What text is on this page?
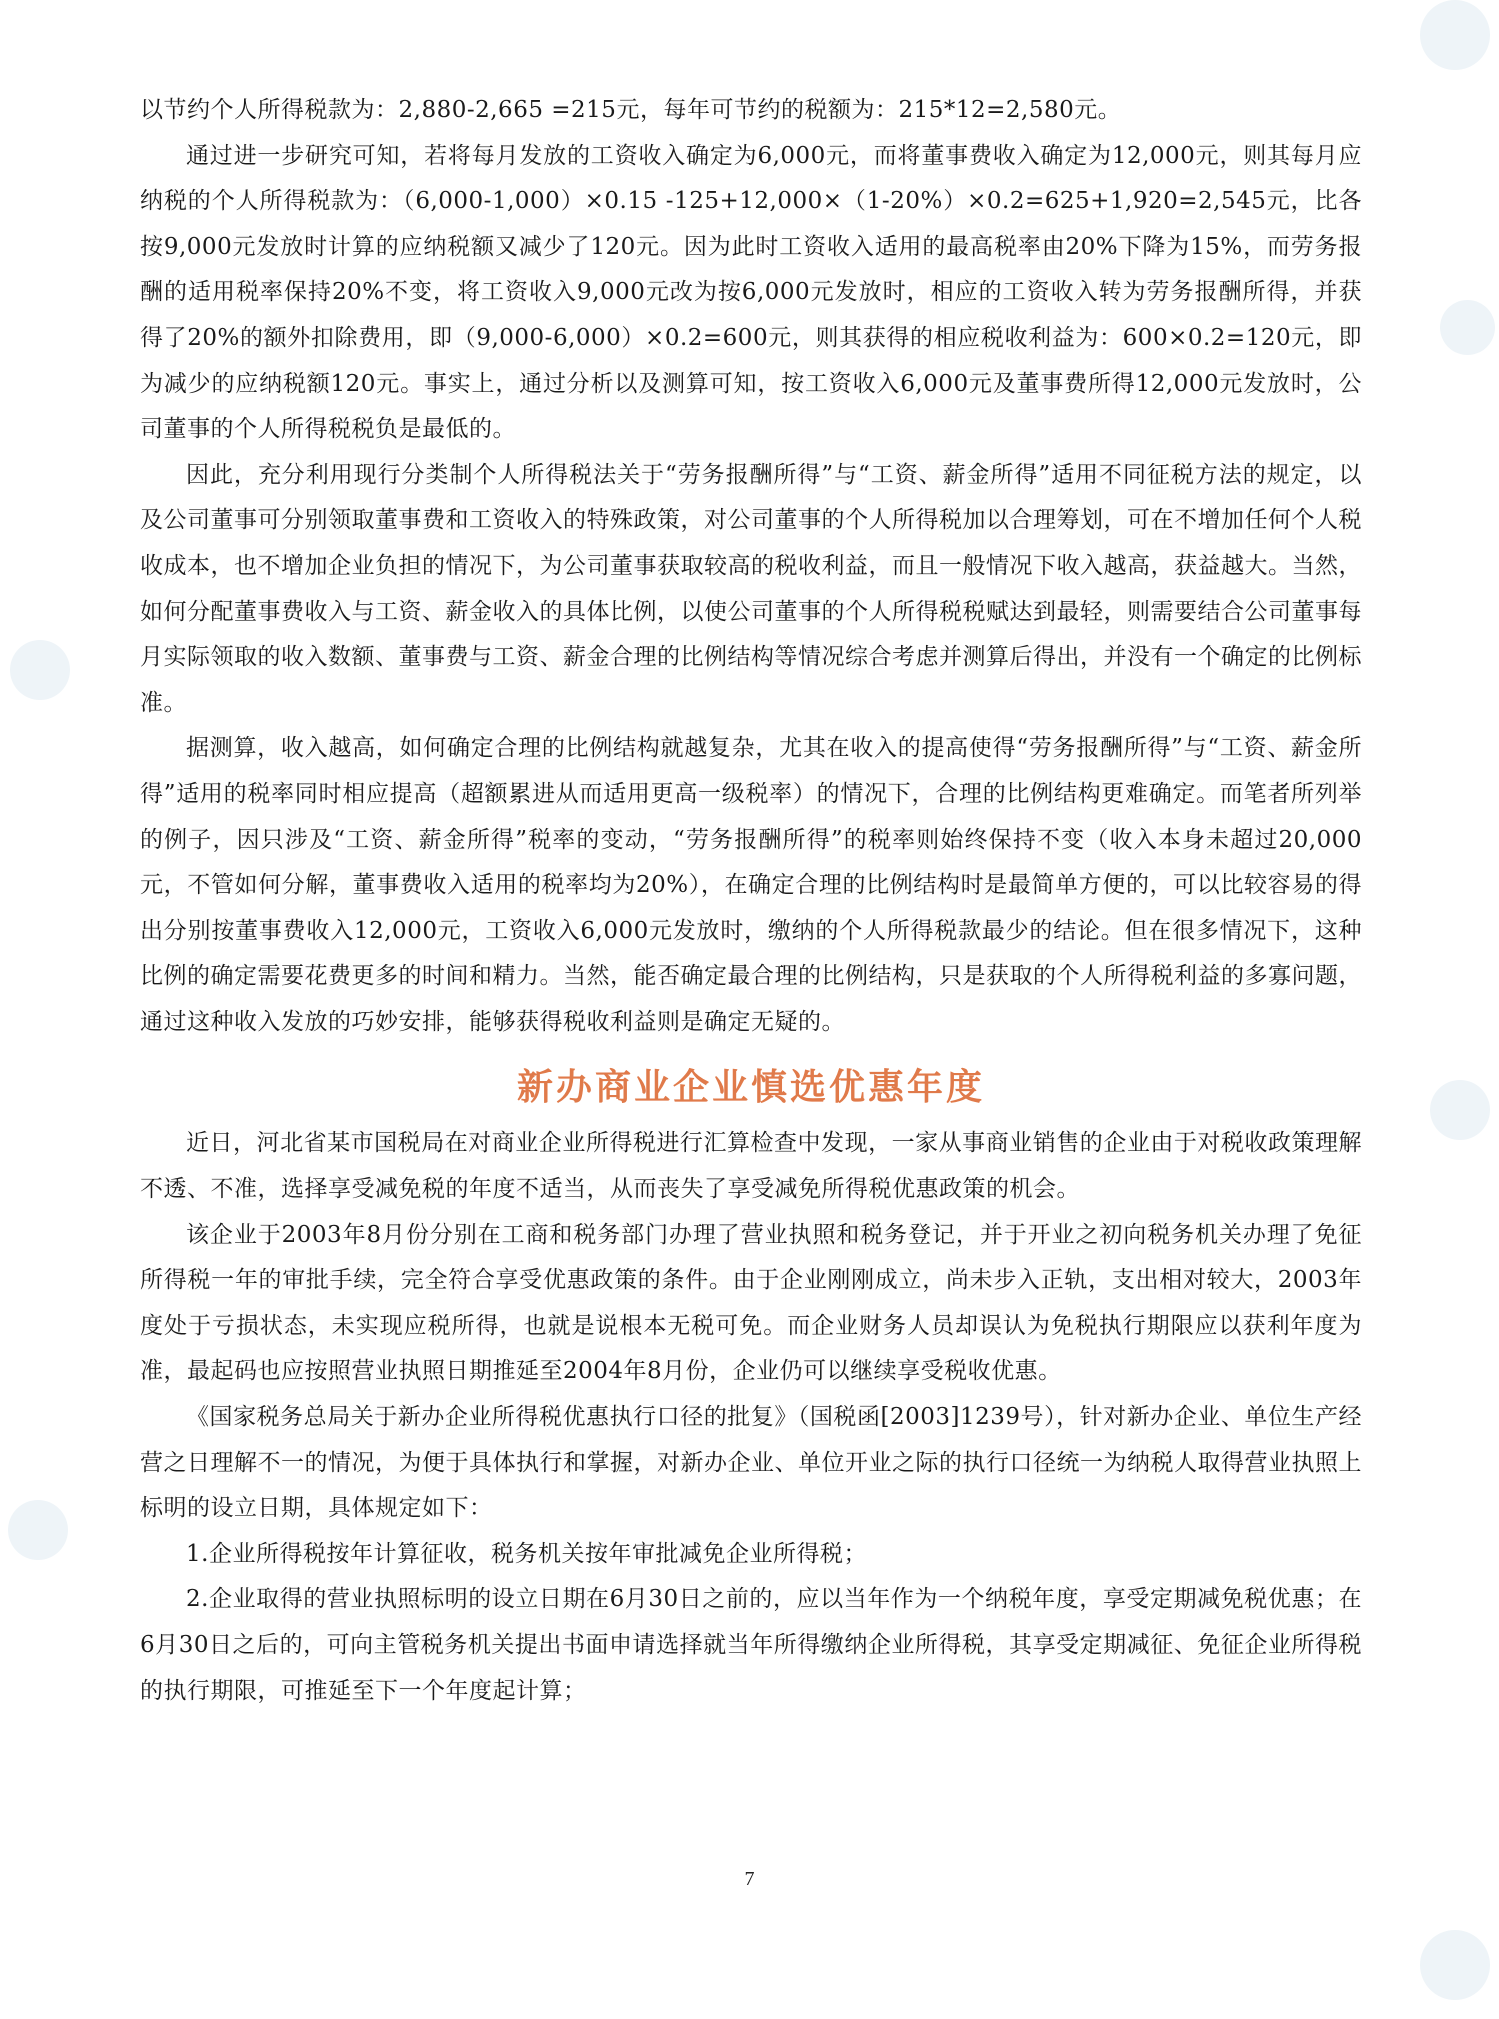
以节约个人所得税款为：2,880-2,665 =215元，每年可节约的税额为：215*12=2,580元。

通过进一步研究可知，若将每月发放的工资收入确定为6,000元，而将董事费收入确定为12,000元，则其每月应纳税的个人所得税款为：（6,000-1,000）×0.15 -125+12,000×（1-20%）×0.2=625+1,920=2,545元，比各按9,000元发放时计算的应纳税额又减少了120元。因为此时工资收入适用的最高税率由20%下降为15%，而劳务报酬的适用税率保持20%不变，将工资收入9,000元改为按6,000元发放时，相应的工资收入转为劳务报酬所得，并获得了20%的额外扣除费用，即（9,000-6,000）×0.2=600元，则其获得的相应税收利益为：600×0.2=120元，即为减少的应纳税额120元。事实上，通过分析以及测算可知，按工资收入6,000元及董事费所得12,000元发放时，公司董事的个人所得税税负是最低的。

因此，充分利用现行分类制个人所得税法关于“劳务报酬所得”与“工资、薪金所得”适用不同征税方法的规定，以及公司董事可分别领取董事费和工资收入的特殊政策，对公司董事的个人所得税加以合理筹划，可在不增加任何个人税收成本，也不增加企业负担的情况下，为公司董事获取较高的税收利益，而且一般情况下收入越高，获益越大。当然，如何分配董事费收入与工资、薪金收入的具体比例，以使公司董事的个人所得税税赋达到最轻，则需要结合公司董事每月实际领取的收入数额、董事费与工资、薪金合理的比例结构等情况综合考虑并测算后得出，并没有一个确定的比例标准。

据测算，收入越高，如何确定合理的比例结构就越复杂，尤其在收入的提高使得“劳务报酬所得”与“工资、薪金所得”适用的税率同时相应提高（超额累进从而适用更高一级税率）的情况下，合理的比例结构更难确定。而笔者所列举的例子，因只涉及“工资、薪金所得”税率的变动，“劳务报酬所得”的税率则始终保持不变（收入本身未超过20,000元，不管如何分解，董事费收入适用的税率均为20%），在确定合理的比例结构时是最简单方便的，可以比较容易的得出分别按董事费收入12,000元，工资收入6,000元发放时，缴纳的个人所得税款最少的结论。但在很多情况下，这种比例的确定需要花费更多的时间和精力。当然，能否确定最合理的比例结构，只是获取的个人所得税利益的多寡问题，通过这种收入发放的巧妙安排，能够获得税收利益则是确定无疑的。

新办商业企业慎选优惠年度

近日，河北省某市国税局在对商业企业所得税进行汇算检查中发现，一家从事商业销售的企业由于对税收政策理解不透、不准，选择享受减免税的年度不适当，从而丧失了享受减免所得税优惠政策的机会。

该企业于2003年8月份分别在工商和税务部门办理了营业执照和税务登记，并于开业之初向税务机关办理了免征所得税一年的审批手续，完全符合享受优惠政策的条件。由于企业刚刚成立，尚未步入正轨，支出相对较大，2003年度处于亏损状态，未实现应税所得，也就是说根本无税可免。而企业财务人员却误认为免税执行期限应以获利年度为准，最起码也应按照营业执照日期推延至2004年8月份，企业仍可以继续享受税收优惠。

《国家税务总局关于新办企业所得税优惠执行口径的批复》（国税函[2003]1239号），针对新办企业、单位生产经营之日理解不一的情况，为便于具体执行和掌握，对新办企业、单位开业之际的执行口径统一为纳税人取得营业执照上标明的设立日期，具体规定如下：

1.企业所得税按年计算征收，税务机关按年审批减免企业所得税；

2.企业取得的营业执照标明的设立日期在6月30日之前的，应以当年作为一个纳税年度，享受定期减免税优惠；在6月30日之后的，可向主管税务机关提出书面申请选择就当年所得缴纳企业所得税，其享受定期减征、免征企业所得税的执行期限，可推延至下一个年度起计算；

7
